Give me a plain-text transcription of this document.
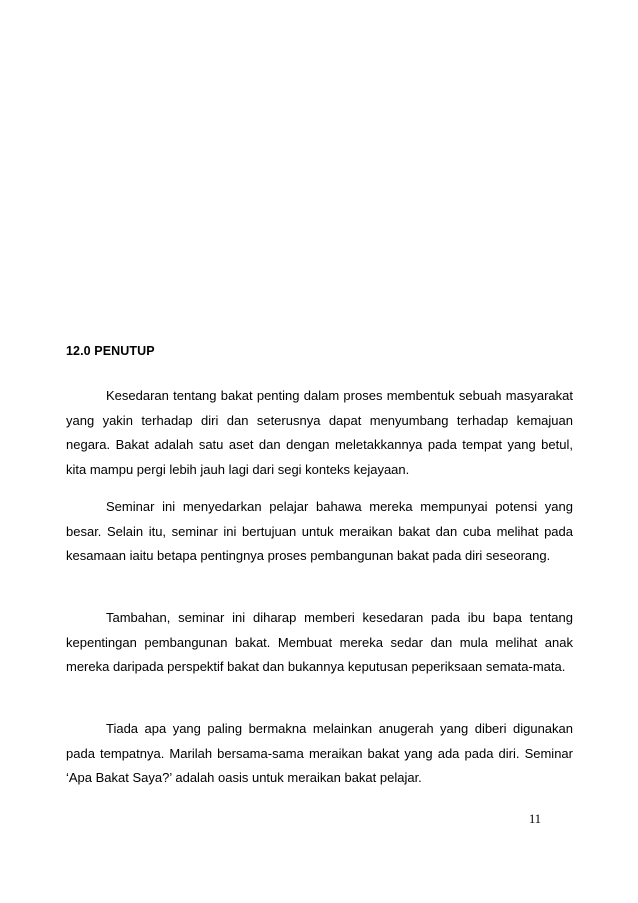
12.0 PENUTUP

Kesedaran tentang bakat penting dalam proses membentuk sebuah masyarakat yang yakin terhadap diri dan seterusnya dapat menyumbang terhadap kemajuan negara. Bakat adalah satu aset dan dengan meletakkannya pada tempat yang betul, kita mampu pergi lebih jauh lagi dari segi konteks kejayaan.

Seminar ini menyedarkan pelajar bahawa mereka mempunyai potensi yang besar. Selain itu, seminar ini bertujuan untuk meraikan bakat dan cuba melihat pada kesamaan iaitu betapa pentingnya proses pembangunan bakat pada diri seseorang.

Tambahan, seminar ini diharap memberi kesedaran pada ibu bapa tentang kepentingan pembangunan bakat. Membuat mereka sedar dan mula melihat anak mereka daripada perspektif bakat dan bukannya keputusan peperiksaan semata-mata.

Tiada apa yang paling bermakna melainkan anugerah yang diberi digunakan pada tempatnya. Marilah bersama-sama meraikan bakat yang ada pada diri. Seminar ‘Apa Bakat Saya?’ adalah oasis untuk meraikan bakat pelajar.

11
